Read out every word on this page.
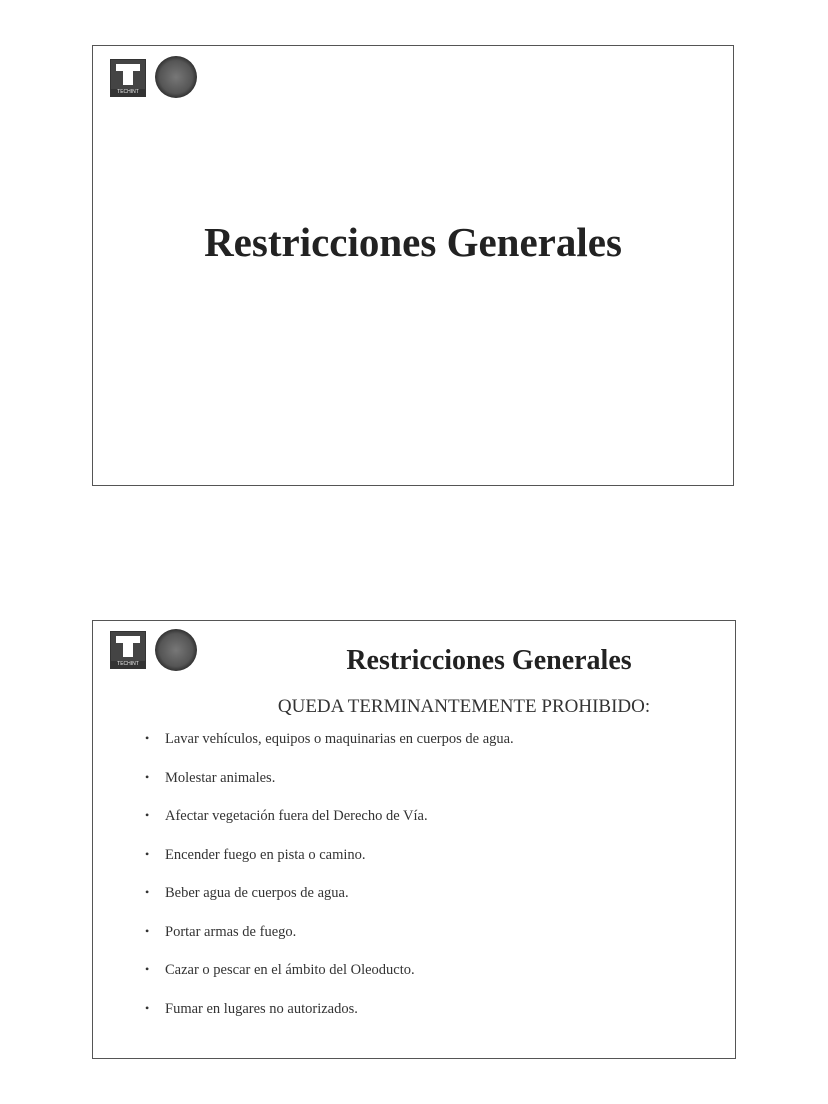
TECHINT
Restricciones Generales
TECHINT	Restricciones Generales
QUEDA TERMINANTEMENTE PROHIBIDO:
• Lavar vehículos, equipos o maquinarias en cuerpos de agua.
• Molestar animales.
• Afectar vegetación fuera del Derecho de Vía.
• Encender fuego en pista o camino.
• Beber agua de cuerpos de agua.
• Portar armas de fuego.
• Cazar o pescar en el ámbito del Oleoducto.
• Fumar en lugares no autorizados.
